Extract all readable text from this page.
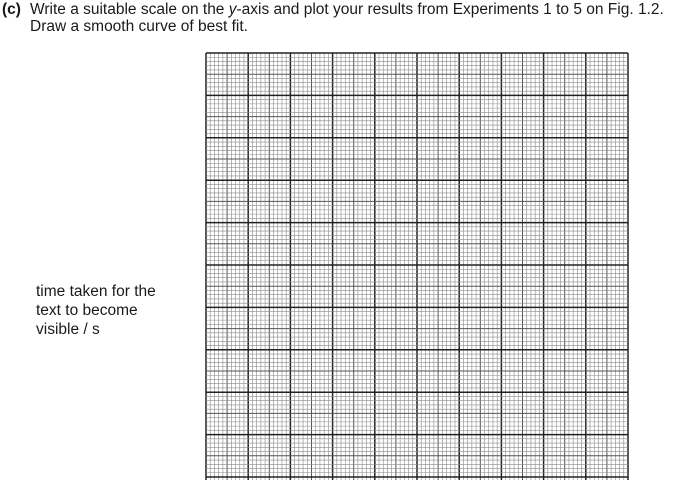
(c) Write a suitable scale on the y-axis and plot your results from Experiments 1 to 5 on Fig. 1.2.
Draw a smooth curve of best fit.
time taken for the
text to become
visible / s
